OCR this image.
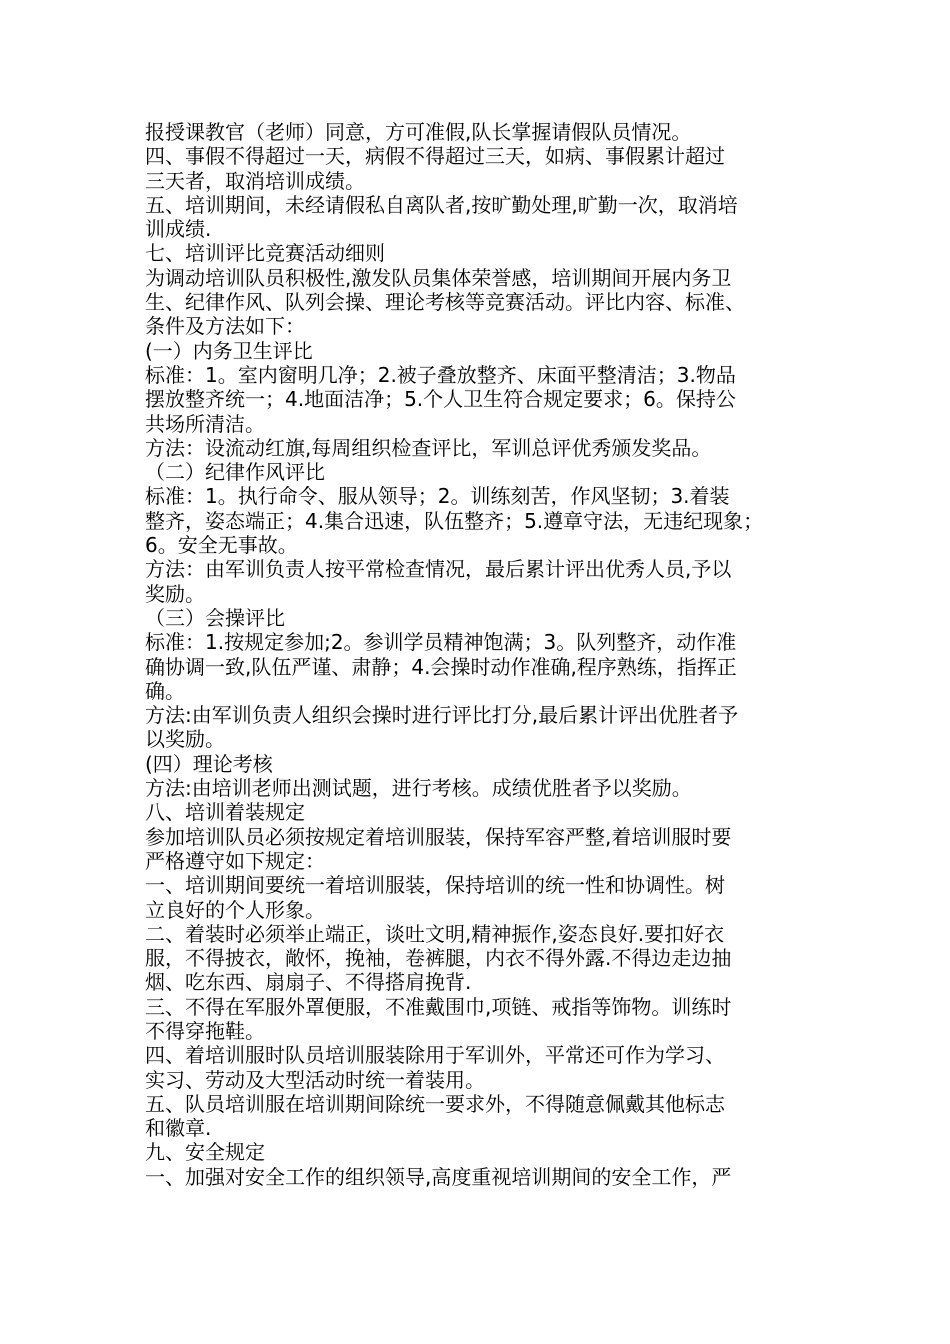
报授课教官（老师）同意，方可准假,队长掌握请假队员情况。
四、事假不得超过一天，病假不得超过三天，如病、事假累计超过
三天者，取消培训成绩。
五、培训期间，未经请假私自离队者,按旷勤处理,旷勤一次，取消培
训成绩.
七、培训评比竞赛活动细则
为调动培训队员积极性,激发队员集体荣誉感，培训期间开展内务卫
生、纪律作风、队列会操、理论考核等竞赛活动。评比内容、标准、
条件及方法如下：
(一）内务卫生评比
标准：1。室内窗明几净；2.被子叠放整齐、床面平整清洁；3.物品
摆放整齐统一；4.地面洁净；5.个人卫生符合规定要求；6。保持公
共场所清洁。
方法：设流动红旗,每周组织检查评比，军训总评优秀颁发奖品。
（二）纪律作风评比
标准：1。执行命令、服从领导；2。训练刻苦，作风坚韧；3.着装
整齐，姿态端正；4.集合迅速，队伍整齐；5.遵章守法，无违纪现象；
6。安全无事故。
方法：由军训负责人按平常检查情况，最后累计评出优秀人员,予以
奖励。
（三）会操评比
标准：1.按规定参加;2。参训学员精神饱满；3。队列整齐，动作准
确协调一致,队伍严谨、肃静；4.会操时动作准确,程序熟练，指挥正
确。
方法:由军训负责人组织会操时进行评比打分,最后累计评出优胜者予
以奖励。
(四）理论考核
方法:由培训老师出测试题，进行考核。成绩优胜者予以奖励。
八、培训着装规定
参加培训队员必须按规定着培训服装，保持军容严整,着培训服时要
严格遵守如下规定：
一、培训期间要统一着培训服装，保持培训的统一性和协调性。树
立良好的个人形象。
二、着装时必须举止端正，谈吐文明,精神振作,姿态良好.要扣好衣
服，不得披衣，敞怀，挽袖，卷裤腿，内衣不得外露.不得边走边抽
烟、吃东西、扇扇子、不得搭肩挽背.
三、不得在军服外罩便服，不准戴围巾,项链、戒指等饰物。训练时
不得穿拖鞋。
四、着培训服时队员培训服装除用于军训外，平常还可作为学习、
实习、劳动及大型活动时统一着装用。
五、队员培训服在培训期间除统一要求外，不得随意佩戴其他标志
和徽章.
九、安全规定
一、加强对安全工作的组织领导,高度重视培训期间的安全工作，严
